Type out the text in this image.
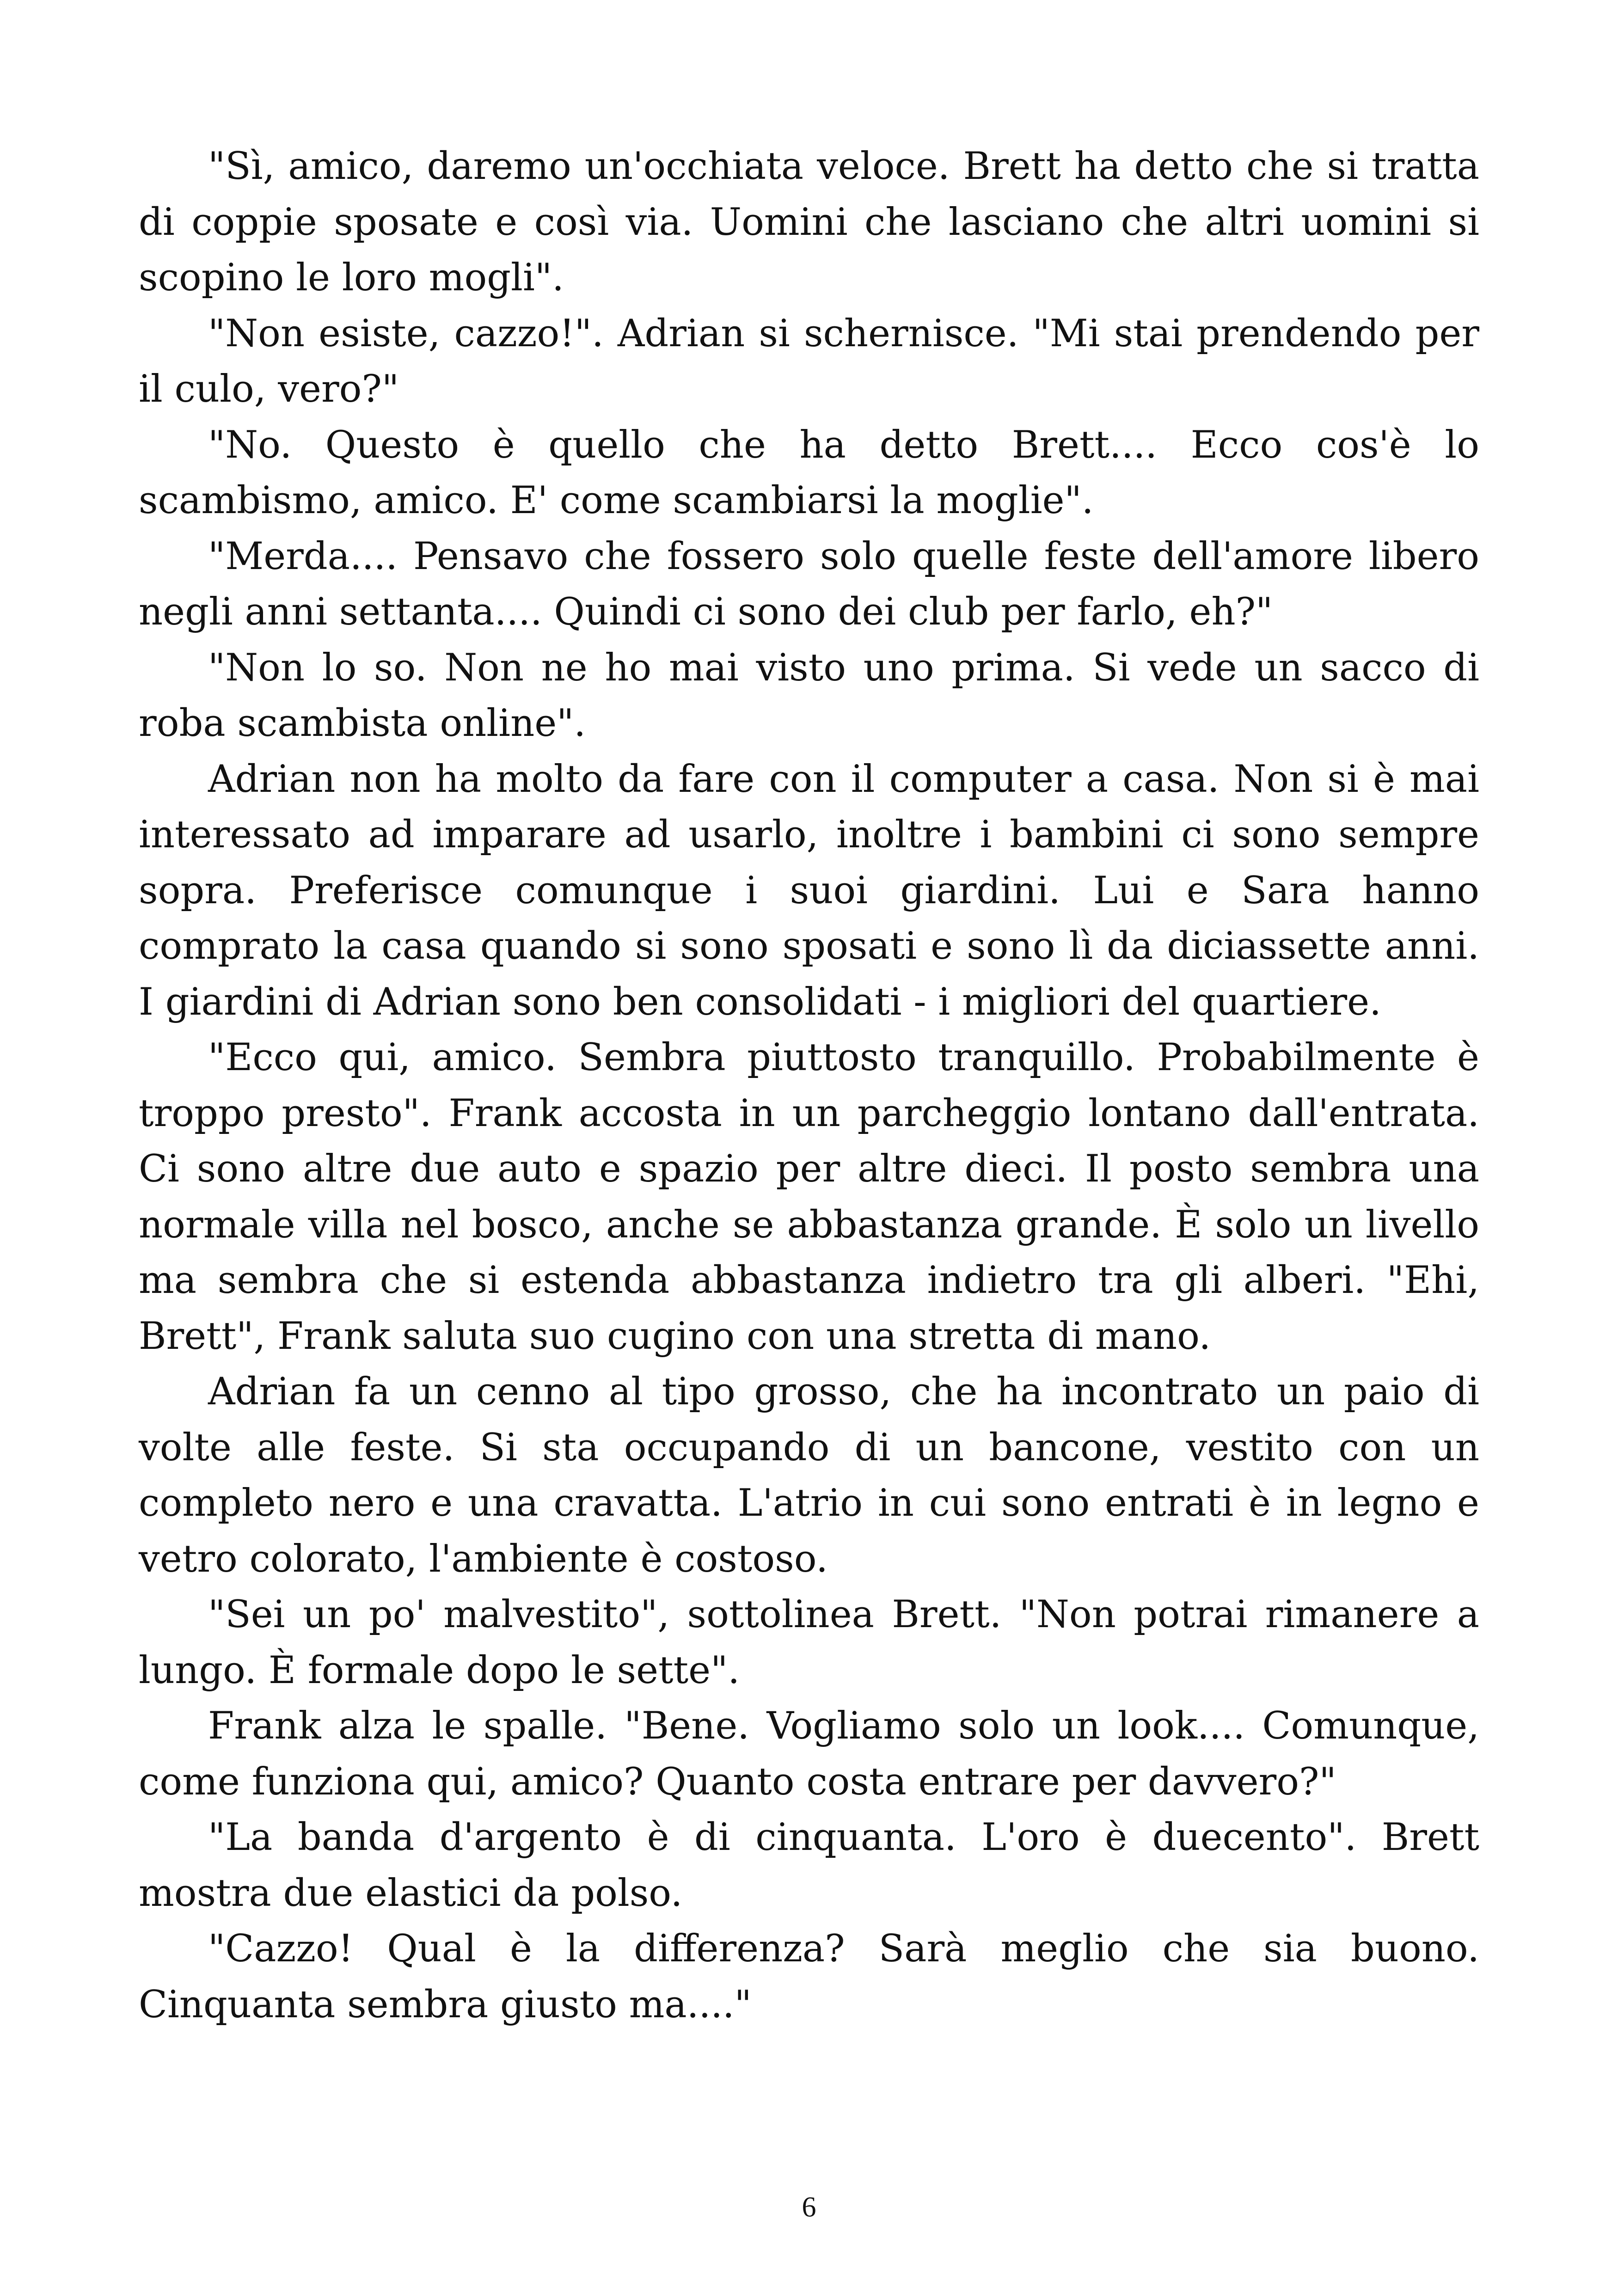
"Sì, amico, daremo un'occhiata veloce. Brett ha detto che si tratta di coppie sposate e così via. Uomini che lasciano che altri uomini si scopino le loro mogli".

"Non esiste, cazzo!". Adrian si schernisce. "Mi stai prendendo per il culo, vero?"

"No. Questo è quello che ha detto Brett.... Ecco cos'è lo scambismo, amico. E' come scambiarsi la moglie".

"Merda.... Pensavo che fossero solo quelle feste dell'amore libero negli anni settanta.... Quindi ci sono dei club per farlo, eh?"

"Non lo so. Non ne ho mai visto uno prima. Si vede un sacco di roba scambista online".

Adrian non ha molto da fare con il computer a casa. Non si è mai interessato ad imparare ad usarlo, inoltre i bambini ci sono sempre sopra. Preferisce comunque i suoi giardini. Lui e Sara hanno comprato la casa quando si sono sposati e sono lì da diciassette anni. I giardini di Adrian sono ben consolidati - i migliori del quartiere.

"Ecco qui, amico. Sembra piuttosto tranquillo. Probabilmente è troppo presto". Frank accosta in un parcheggio lontano dall'entrata. Ci sono altre due auto e spazio per altre dieci. Il posto sembra una normale villa nel bosco, anche se abbastanza grande. È solo un livello ma sembra che si estenda abbastanza indietro tra gli alberi. "Ehi, Brett", Frank saluta suo cugino con una stretta di mano.

Adrian fa un cenno al tipo grosso, che ha incontrato un paio di volte alle feste. Si sta occupando di un bancone, vestito con un completo nero e una cravatta. L'atrio in cui sono entrati è in legno e vetro colorato, l'ambiente è costoso.

"Sei un po' malvestito", sottolinea Brett. "Non potrai rimanere a lungo. È formale dopo le sette".

Frank alza le spalle. "Bene. Vogliamo solo un look.... Comunque, come funziona qui, amico? Quanto costa entrare per davvero?"

"La banda d'argento è di cinquanta. L'oro è duecento". Brett mostra due elastici da polso.

"Cazzo! Qual è la differenza? Sarà meglio che sia buono. Cinquanta sembra giusto ma...."

6
